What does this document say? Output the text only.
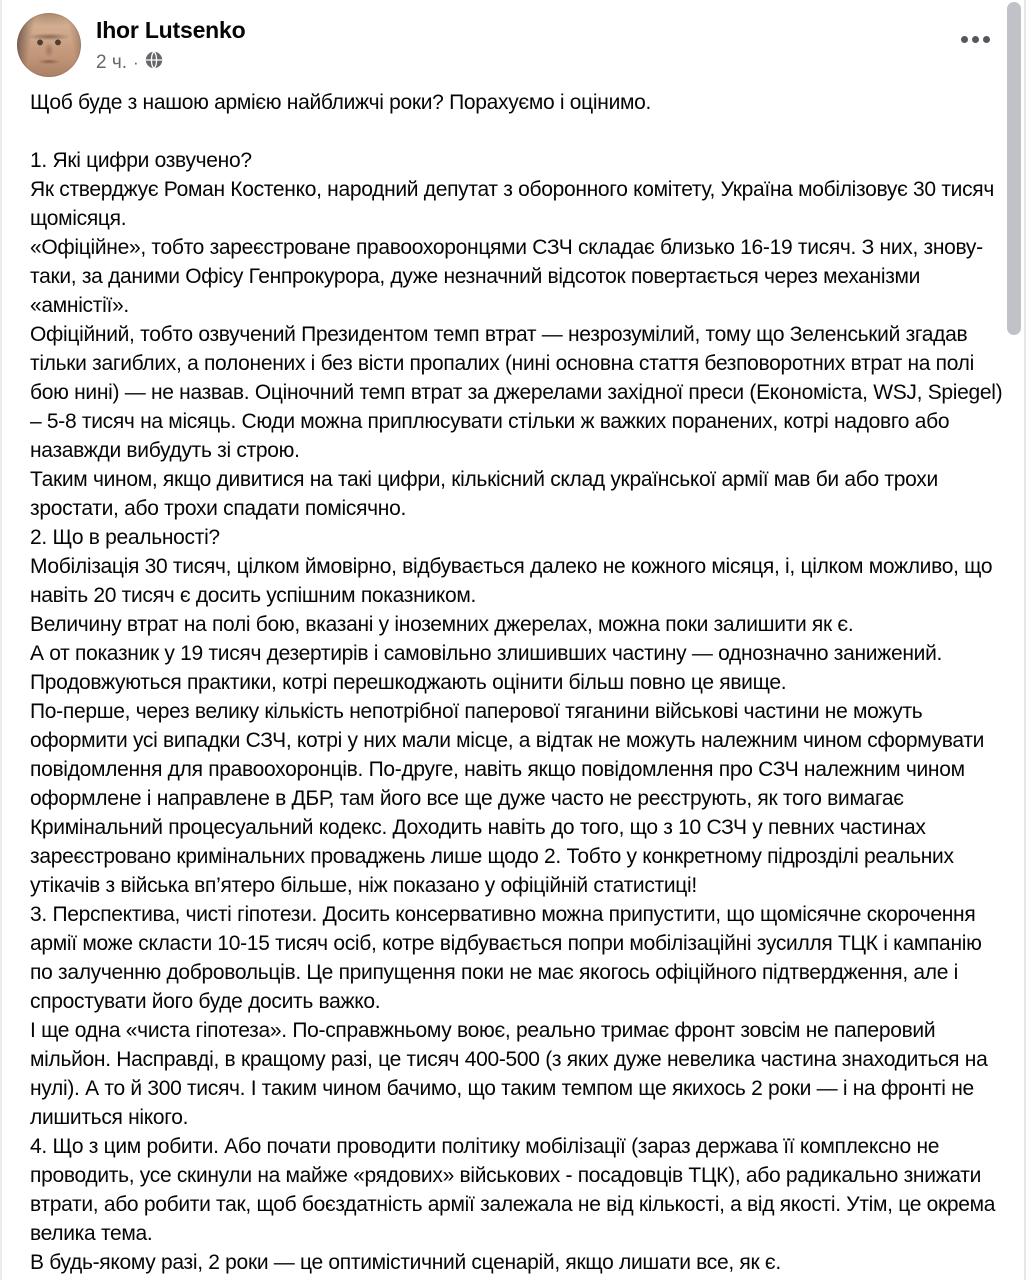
Ihor Lutsenko
2 ч. ·
Щоб буде з нашою армією найближчі роки? Порахуємо і оцінимо.
1. Які цифри озвучено?
Як стверджує Роман Костенко, народний депутат з оборонного комітету, Україна мобілізовує 30 тисяч щомісяця.
«Офіційне», тобто зареєстроване правоохоронцями СЗЧ складає близько 16-19 тисяч. З них, знову-таки, за даними Офісу Генпрокурора, дуже незначний відсоток повертається через механізми «амністії».
Офіційний, тобто озвучений Президентом темп втрат — незрозумілий, тому що Зеленський згадав тільки загиблих, а полонених і без вісти пропалих (нині основна стаття безповоротних втрат на полі бою нині) — не назвав. Оціночний темп втрат за джерелами західної преси (Економіста, WSJ, Spiegel) – 5-8 тисяч на місяць. Сюди можна приплюсувати стільки ж важких поранених, котрі надовго або назавжди вибудуть зі строю.
Таким чином, якщо дивитися на такі цифри, кількісний склад української армії мав би або трохи зростати, або трохи спадати помісячно.
2. Що в реальності?
Мобілізація 30 тисяч, цілком ймовірно, відбувається далеко не кожного місяця, і, цілком можливо, що навіть 20 тисяч є досить успішним показником.
Величину втрат на полі бою, вказані у іноземних джерелах, можна поки залишити як є.
А от показник у 19 тисяч дезертирів і самовільно злишивших частину — однозначно занижений. Продовжуються практики, котрі перешкоджають оцінити більш повно це явище.
По-перше, через велику кількість непотрібної паперової тяганини військові частини не можуть оформити усі випадки СЗЧ, котрі у них мали місце, а відтак не можуть належним чином сформувати повідомлення для правоохоронців. По-друге, навіть якщо повідомлення про СЗЧ належним чином оформлене і направлене в ДБР, там його все ще дуже часто не реєструють, як того вимагає Кримінальний процесуальний кодекс. Доходить навіть до того, що з 10 СЗЧ у певних частинах зареєстровано кримінальних проваджень лише щодо 2. Тобто у конкретному підрозділі реальних утікачів з війська вп’ятеро більше, ніж показано у офіційній статистиці!
3. Перспектива, чисті гіпотези. Досить консервативно можна припустити, що щомісячне скорочення армії може скласти 10-15 тисяч осіб, котре відбувається попри мобілізаційні зусилля ТЦК і кампанію по залученню добровольців. Це припущення поки не має якогось офіційного підтвердження, але і спростувати його буде досить важко.
І ще одна «чиста гіпотеза». По-справжньому воює, реально тримає фронт зовсім не паперовий мільйон. Насправді, в кращому разі, це тисяч 400-500 (з яких дуже невелика частина знаходиться на нулі). А то й 300 тисяч. І таким чином бачимо, що таким темпом ще якихось 2 роки — і на фронті не лишиться нікого.
4. Що з цим робити. Або почати проводити політику мобілізації (зараз держава її комплексно не проводить, усе скинули на майже «рядових» військових - посадовців ТЦК), або радикально знижати втрати, або робити так, щоб боєздатність армії залежала не від кількості, а від якості. Утім, це окрема велика тема.
В будь-якому разі, 2 роки — це оптимістичний сценарій, якщо лишати все, як є.
